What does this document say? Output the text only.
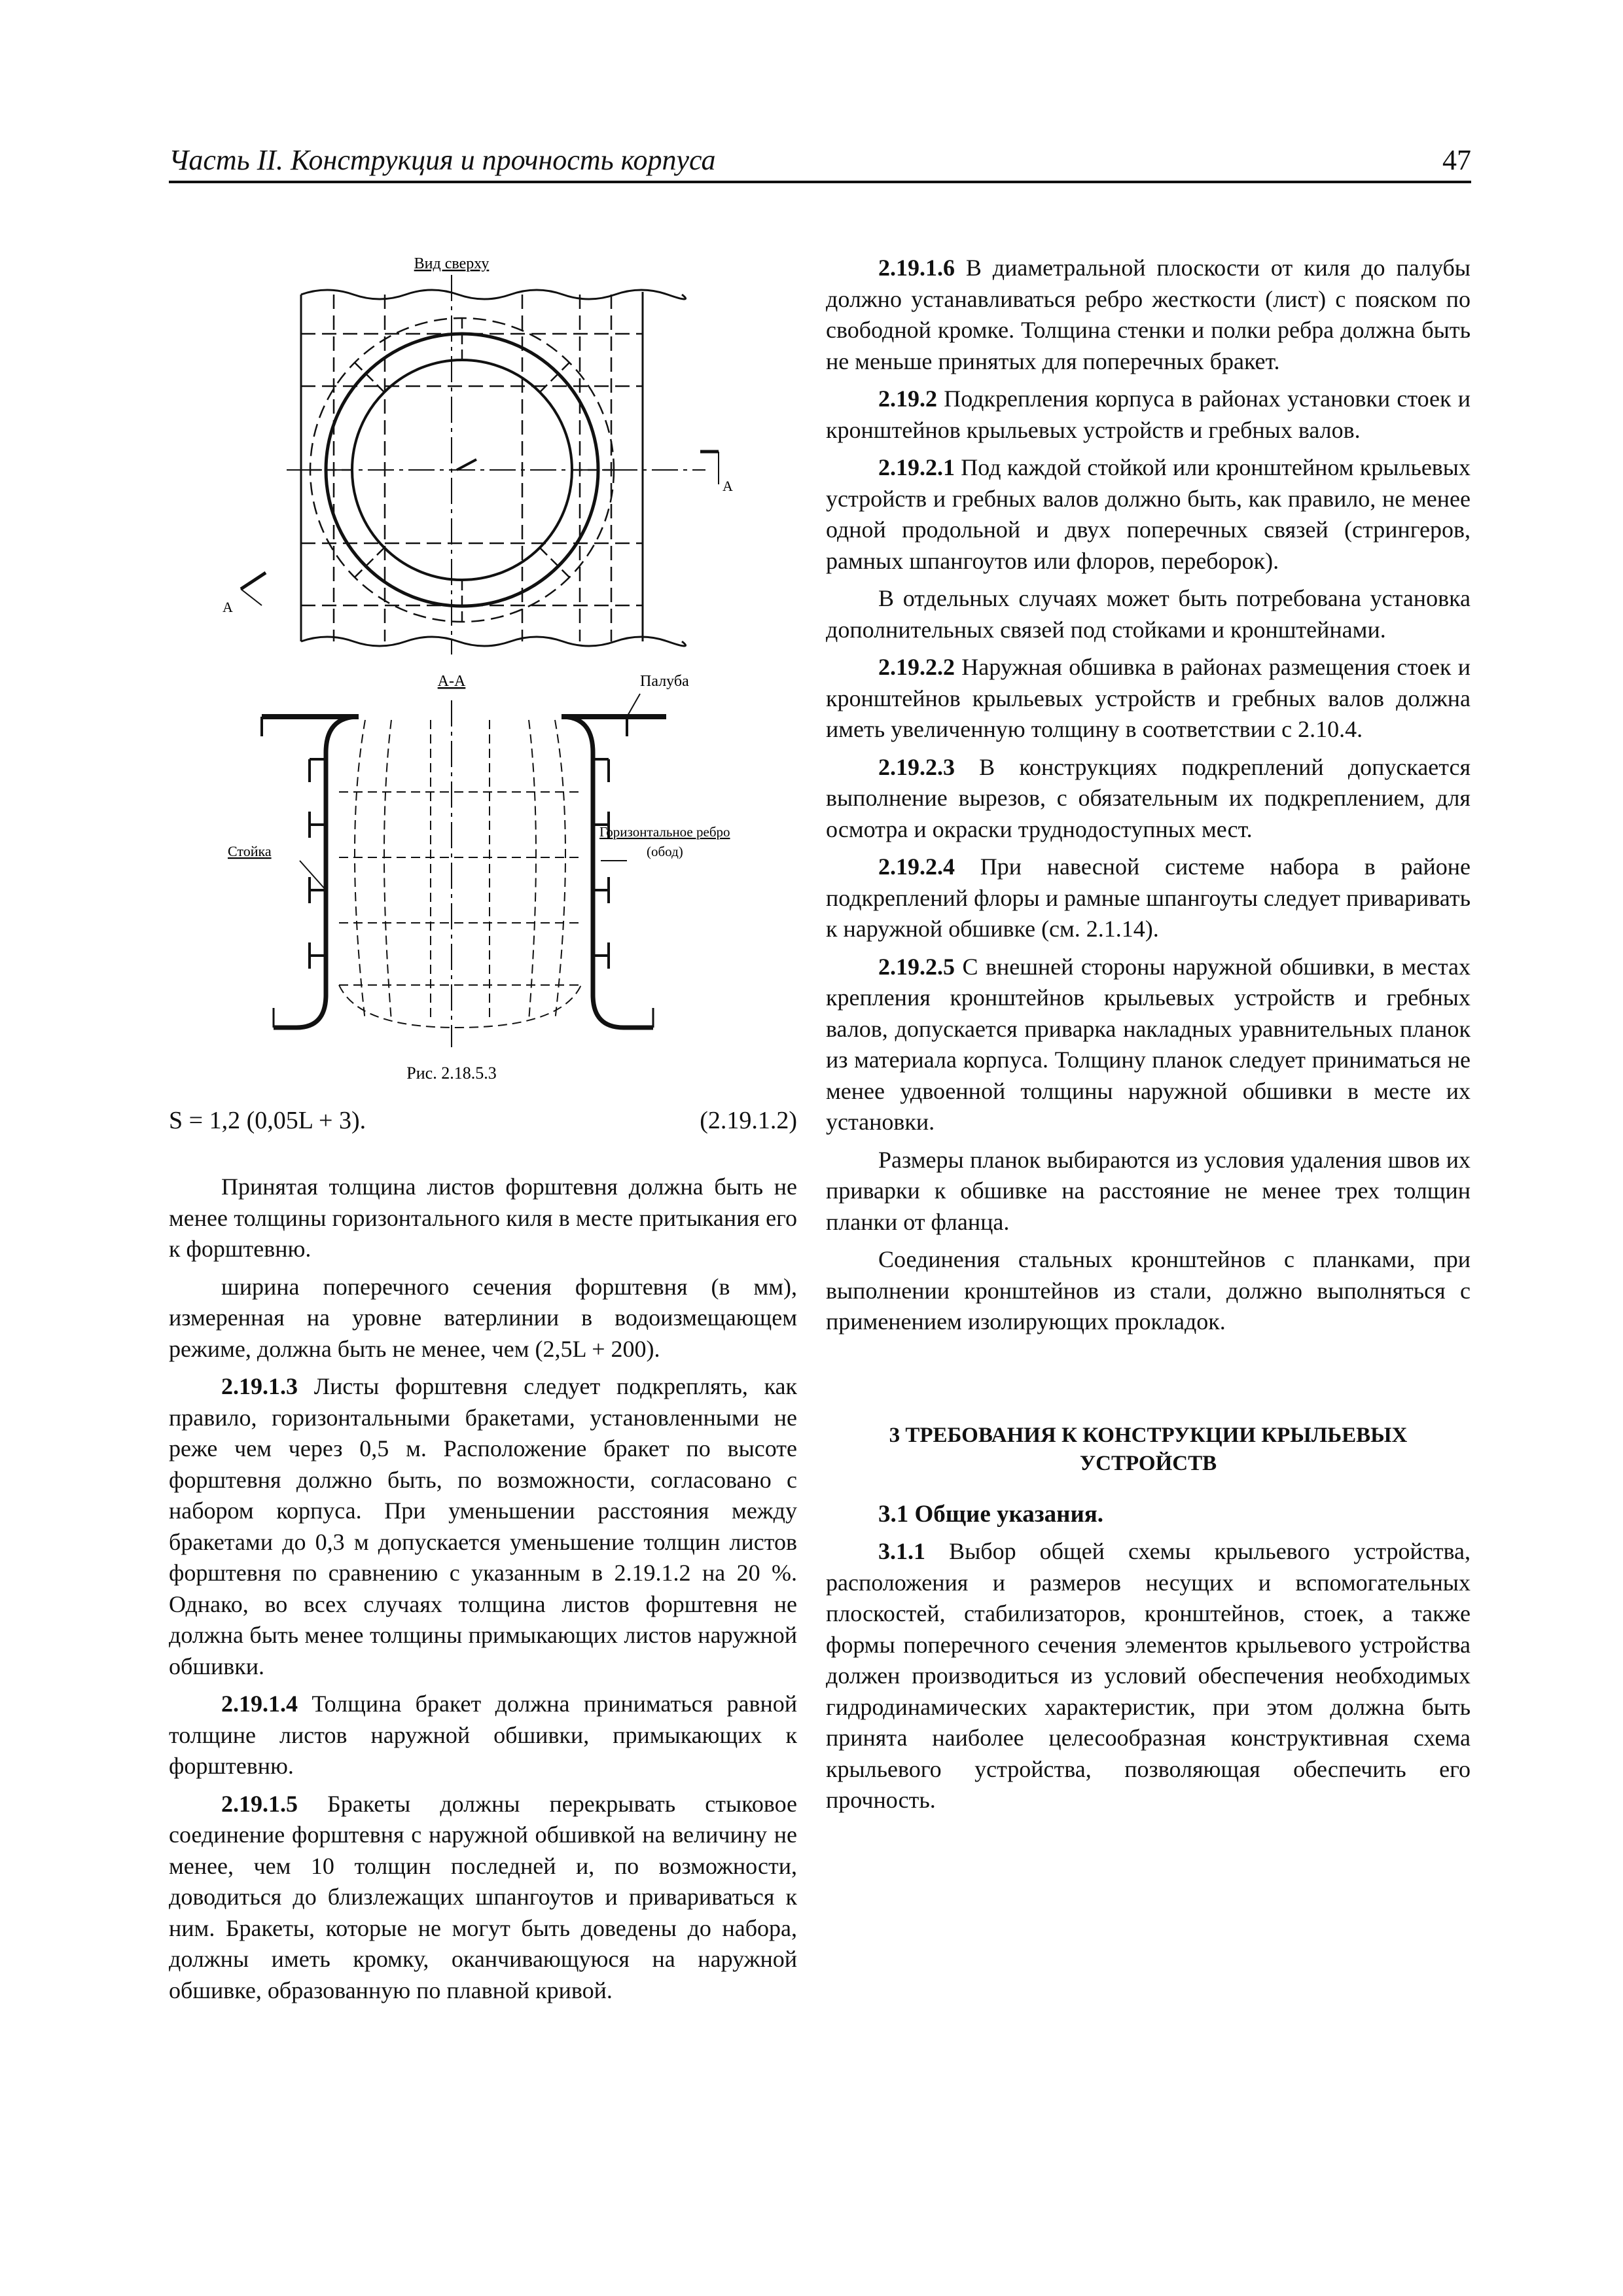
Часть II. Конструкция и прочность корпуса	47
Вид сверху
А
А
А-А	Палуба
Стойка
Горизонтальное ребро
(обод)
Рис. 2.18.5.3
S = 1,2 (0,05L + 3).	(2.19.1.2)

Принятая толщина листов форштевня должна быть не менее толщины горизонтального киля в месте притыкания его к форштевню.

ширина поперечного сечения форштевня (в мм), измеренная на уровне ватерлинии в водоизмещающем режиме, должна быть не менее, чем (2,5L + 200).

2.19.1.3 Листы форштевня следует подкреплять, как правило, горизонтальными бракетами, установленными не реже чем через 0,5 м. Расположение бракет по высоте форштевня должно быть, по возможности, согласовано с набором корпуса. При уменьшении расстояния между бракетами до 0,3 м допускается уменьшение толщин листов форштевня по сравнению с указанным в 2.19.1.2 на 20 %. Однако, во всех случаях толщина листов форштевня не должна быть менее толщины примыкающих листов наружной обшивки.

2.19.1.4 Толщина бракет должна приниматься равной толщине листов наружной обшивки, примыкающих к форштевню.

2.19.1.5 Бракеты должны перекрывать стыковое соединение форштевня с наружной обшивкой на величину не менее, чем 10 толщин последней и, по возможности, доводиться до близлежащих шпангоутов и привариваться к ним. Бракеты, которые не могут быть доведены до набора, должны иметь кромку, оканчивающуюся на наружной обшивке, образованную по плавной кривой.

2.19.1.6 В диаметральной плоскости от киля до палубы должно устанавливаться ребро жесткости (лист) с пояском по свободной кромке. Толщина стенки и полки ребра должна быть не меньше принятых для поперечных бракет.

2.19.2 Подкрепления корпуса в районах установки стоек и кронштейнов крыльевых устройств и гребных валов.

2.19.2.1 Под каждой стойкой или кронштейном крыльевых устройств и гребных валов должно быть, как правило, не менее одной продольной и двух поперечных связей (стрингеров, рамных шпангоутов или флоров, переборок).

В отдельных случаях может быть потребована установка дополнительных связей под стойками и кронштейнами.

2.19.2.2 Наружная обшивка в районах размещения стоек и кронштейнов крыльевых устройств и гребных валов должна иметь увеличенную толщину в соответствии с 2.10.4.

2.19.2.3 В конструкциях подкреплений допускается выполнение вырезов, с обязательным их подкреплением, для осмотра и окраски труднодоступных мест.

2.19.2.4 При навесной системе набора в районе подкреплений флоры и рамные шпангоуты следует приваривать к наружной обшивке (см. 2.1.14).

2.19.2.5 С внешней стороны наружной обшивки, в местах крепления кронштейнов крыльевых устройств и гребных валов, допускается приварка накладных уравнительных планок из материала корпуса. Толщину планок следует приниматься не менее удвоенной толщины наружной обшивки в месте их установки.

Размеры планок выбираются из условия удаления швов их приварки к обшивке на расстояние не менее трех толщин планки от фланца.

Соединения стальных кронштейнов с планками, при выполнении кронштейнов из стали, должно выполняться с применением изолирующих прокладок.

3 ТРЕБОВАНИЯ К КОНСТРУКЦИИ КРЫЛЬЕВЫХ
УСТРОЙСТВ
3.1 Общие указания.

3.1.1 Выбор общей схемы крыльевого устройства, расположения и размеров несущих и вспомогательных плоскостей, стабилизаторов, кронштейнов, стоек, а также формы поперечного сечения элементов крыльевого устройства должен производиться из условий обеспечения необходимых гидродинамических характеристик, при этом должна быть принята наиболее целесообразная конструктивная схема крыльевого устройства, позволяющая обеспечить его прочность.
